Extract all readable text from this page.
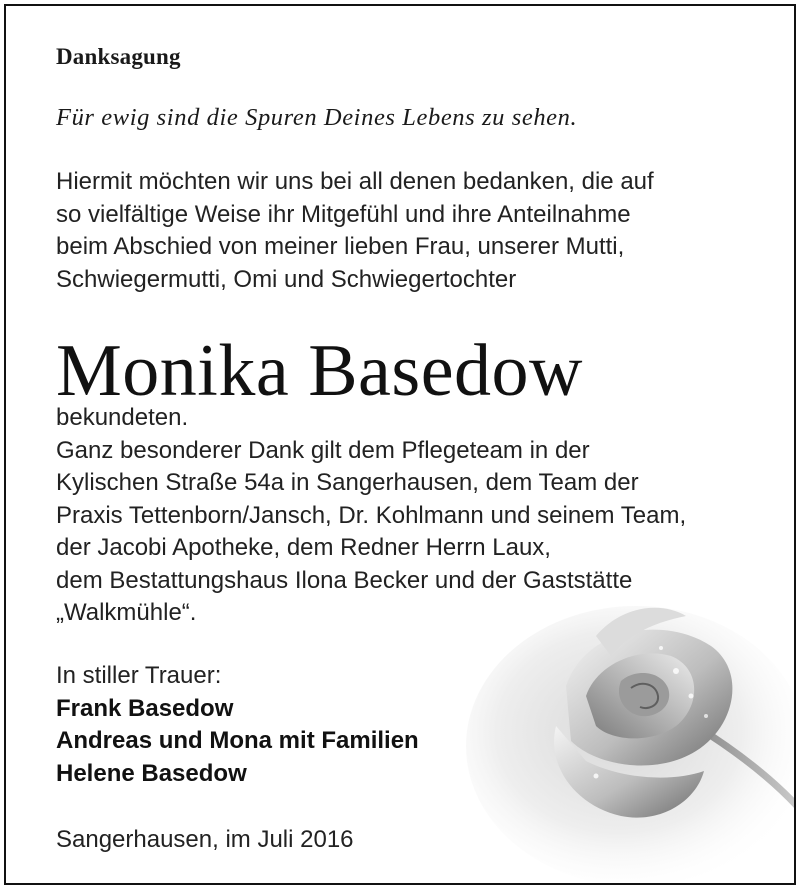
Danksagung
Für ewig sind die Spuren Deines Lebens zu sehen.
Hiermit möchten wir uns bei all denen bedanken, die auf
so vielfältige Weise ihr Mitgefühl und ihre Anteilnahme
beim Abschied von meiner lieben Frau, unserer Mutti,
Schwiegermutti, Omi und Schwiegertochter
Monika Basedow
bekundeten.
Ganz besonderer Dank gilt dem Pflegeteam in der
Kylischen Straße 54a in Sangerhausen, dem Team der
Praxis Tettenborn/Jansch, Dr. Kohlmann und seinem Team,
der Jacobi Apotheke, dem Redner Herrn Laux,
dem Bestattungshaus Ilona Becker und der Gaststätte
„Walkmühle“.
In stiller Trauer:
Frank Basedow
Andreas und Mona mit Familien
Helene Basedow
Sangerhausen, im Juli 2016
